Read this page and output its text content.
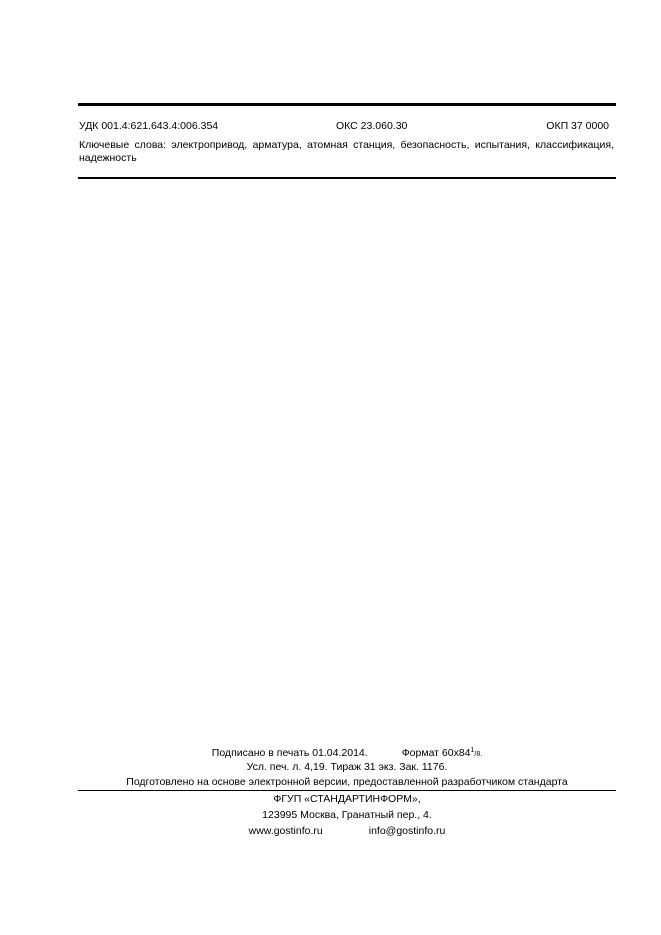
УДК 001.4:621.643.4:006.354	ОКС 23.060.30	ОКП 37 0000
Ключевые слова: электропривод, арматура, атомная станция, безопасность, испытания, классификация, надежность
Подписано в печать 01.04.2014.	Формат $60x84^1/8$.
Усл. печ. л. 4,19. Тираж 31 экз. Зак. 1176.
Подготовлено на основе электронной версии, предоставленной разработчиком стандарта
ФГУП «СТАНДАРТИНФОРМ»,
123995 Москва, Гранатный пер., 4.
www.gostinfo.ru	info@gostinfo.ru
